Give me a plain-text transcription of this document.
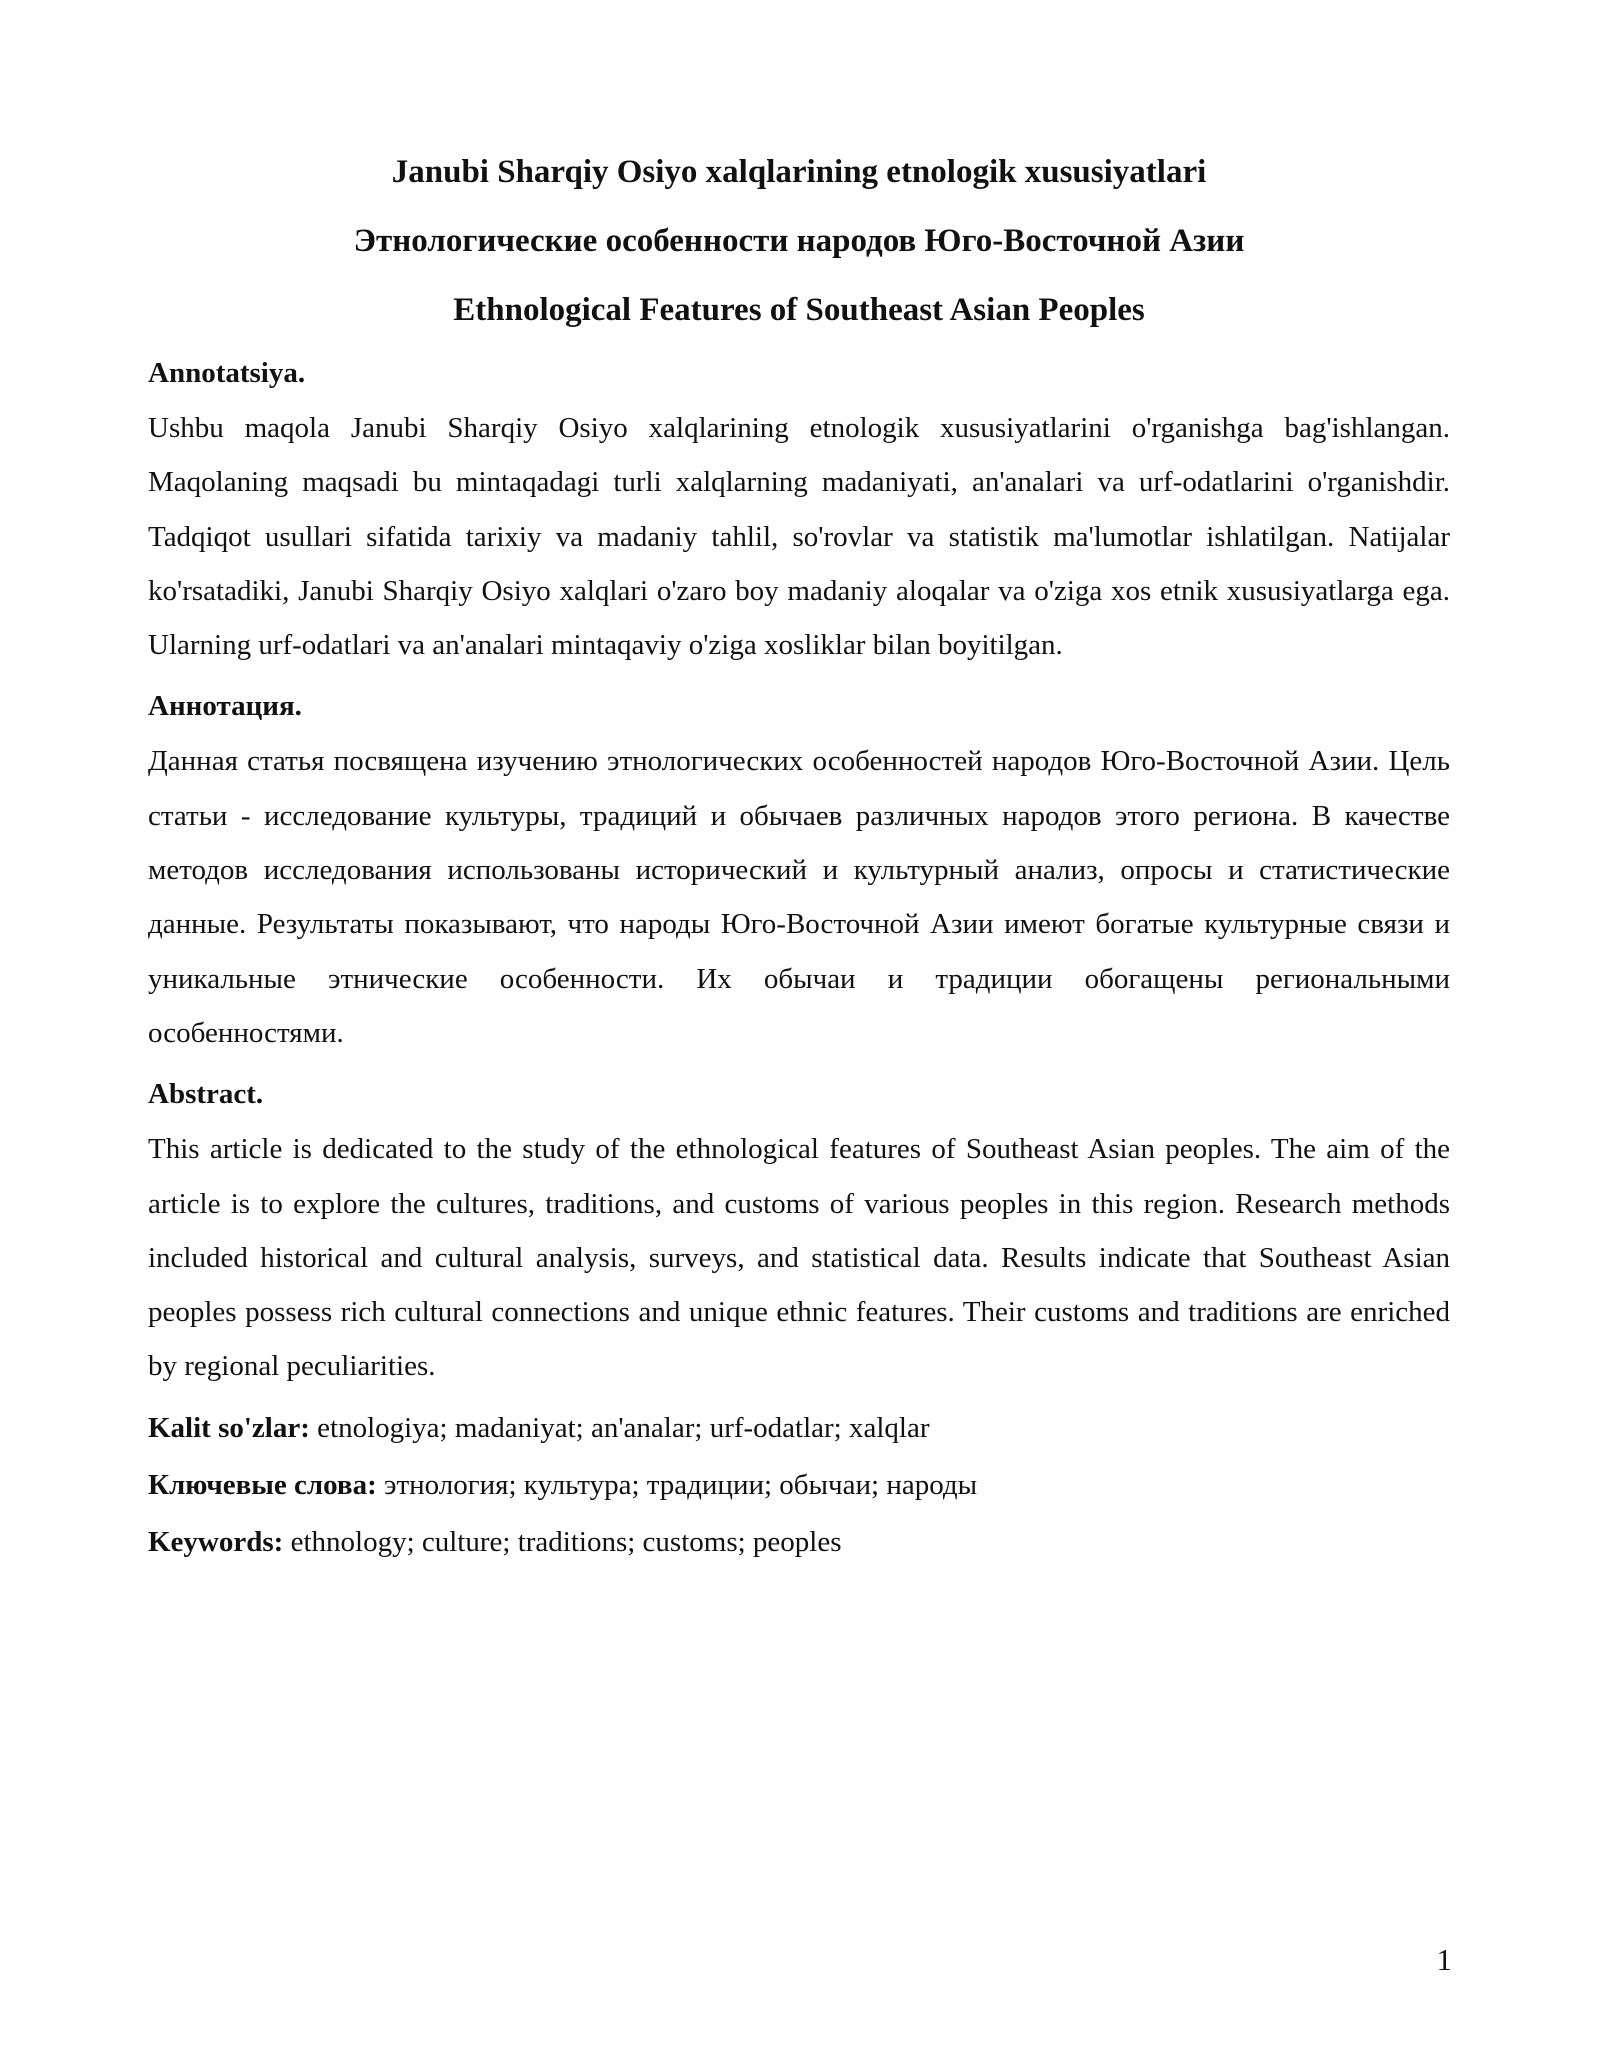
Janubi Sharqiy Osiyo xalqlarining etnologik xususiyatlari
Этнологические особенности народов Юго-Восточной Азии
Ethnological Features of Southeast Asian Peoples
Annotatsiya.

Ushbu maqola Janubi Sharqiy Osiyo xalqlarining etnologik xususiyatlarini o'rganishga bag'ishlangan. Maqolaning maqsadi bu mintaqadagi turli xalqlarning madaniyati, an'analari va urf-odatlarini o'rganishdir. Tadqiqot usullari sifatida tarixiy va madaniy tahlil, so'rovlar va statistik ma'lumotlar ishlatilgan. Natijalar ko'rsatadiki, Janubi Sharqiy Osiyo xalqlari o'zaro boy madaniy aloqalar va o'ziga xos etnik xususiyatlarga ega. Ularning urf-odatlari va an'analari mintaqaviy o'ziga xosliklar bilan boyitilgan.

Аннотация.

Данная статья посвящена изучению этнологических особенностей народов Юго-Восточной Азии. Цель статьи - исследование культуры, традиций и обычаев различных народов этого региона. В качестве методов исследования использованы исторический и культурный анализ, опросы и статистические данные. Результаты показывают, что народы Юго-Восточной Азии имеют богатые культурные связи и уникальные этнические особенности. Их обычаи и традиции обогащены региональными особенностями.

Abstract.

This article is dedicated to the study of the ethnological features of Southeast Asian peoples. The aim of the article is to explore the cultures, traditions, and customs of various peoples in this region. Research methods included historical and cultural analysis, surveys, and statistical data. Results indicate that Southeast Asian peoples possess rich cultural connections and unique ethnic features. Their customs and traditions are enriched by regional peculiarities.

Kalit so'zlar: etnologiya; madaniyat; an'analar; urf-odatlar; xalqlar

Ключевые слова: этнология; культура; традиции; обычаи; народы

Keywords: ethnology; culture; traditions; customs; peoples

1
